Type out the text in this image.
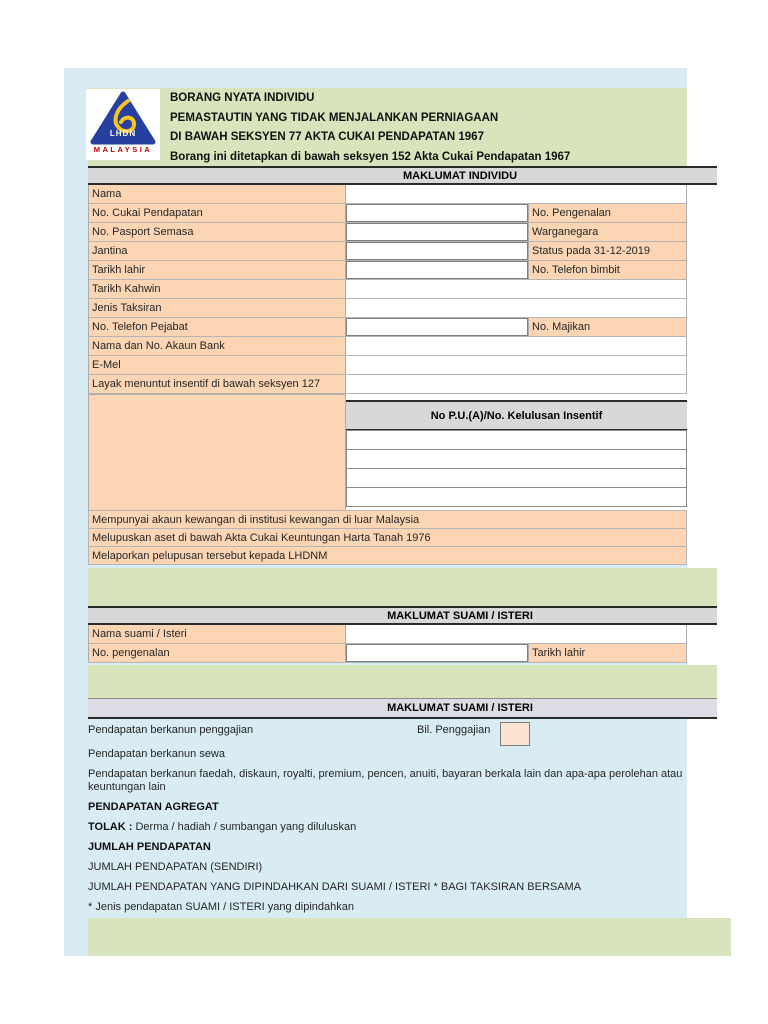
LHDN
MALAYSIA
BORANG NYATA INDIVIDU
PEMASTAUTIN YANG TIDAK MENJALANKAN PERNIAGAAN
DI BAWAH SEKSYEN 77 AKTA CUKAI PENDAPATAN 1967
Borang ini ditetapkan di bawah seksyen 152 Akta Cukai Pendapatan 1967
MAKLUMAT INDIVIDU
Nama
No. Cukai Pendapatan	No. Pengenalan
No. Pasport Semasa	Warganegara
Jantina	Status pada 31-12-2019
Tarikh lahir	No. Telefon bimbit
Tarikh Kahwin
Jenis Taksiran
No. Telefon Pejabat	No. Majikan
Nama dan No. Akaun Bank
E-Mel
Layak menuntut insentif di bawah seksyen 127
No P.U.(A)/No. Kelulusan Insentif
Mempunyai akaun kewangan di institusi kewangan di luar Malaysia
Melupuskan aset di bawah Akta Cukai Keuntungan Harta Tanah 1976
Melaporkan pelupusan tersebut kepada LHDNM
MAKLUMAT SUAMI / ISTERI
Nama suami / Isteri
No. pengenalan	Tarikh lahir
MAKLUMAT SUAMI / ISTERI
Pendapatan berkanun penggajian	Bil. Penggajian

Pendapatan berkanun sewa

Pendapatan berkanun faedah, diskaun, royalti, premium, pencen, anuiti, bayaran berkala lain dan apa-apa perolehan atau keuntungan lain

PENDAPATAN AGREGAT

TOLAK : Derma / hadiah / sumbangan yang diluluskan

JUMLAH PENDAPATAN

JUMLAH PENDAPATAN (SENDIRI)

JUMLAH PENDAPATAN YANG DIPINDAHKAN DARI SUAMI / ISTERI * BAGI TAKSIRAN BERSAMA

* Jenis pendapatan SUAMI / ISTERI yang dipindahkan
